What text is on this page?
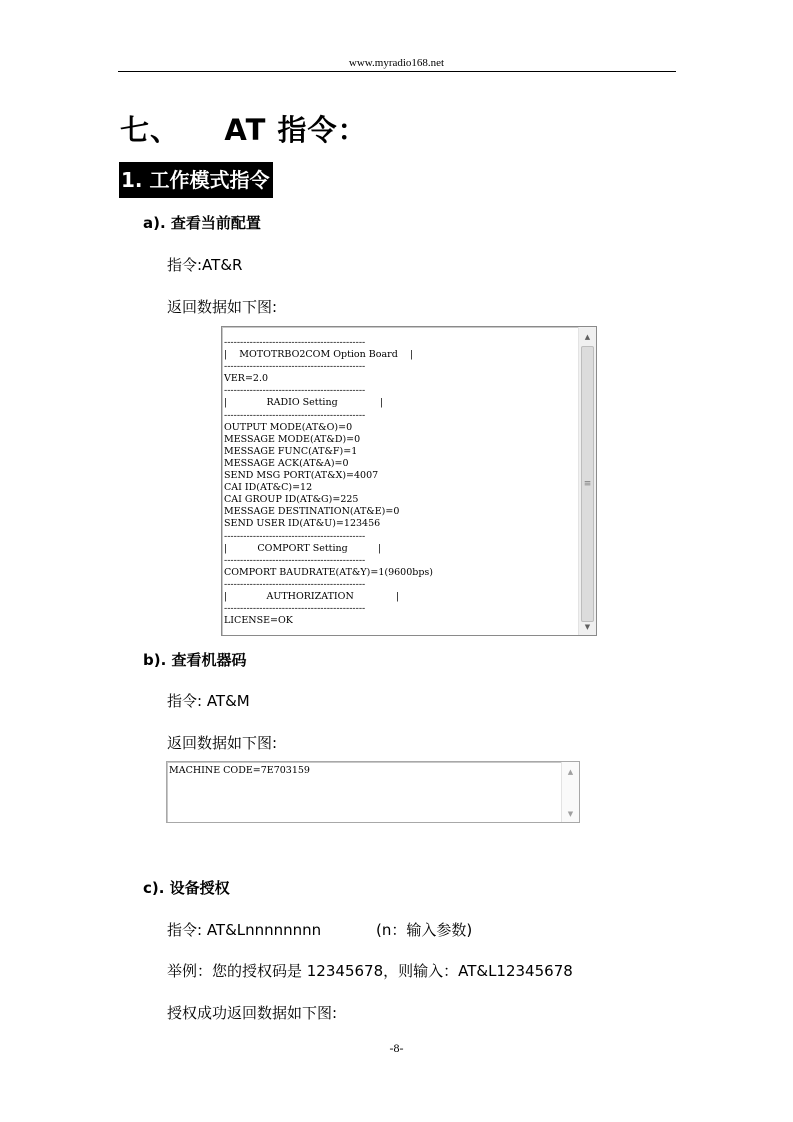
www.myradio168.net
七、    AT 指令：
1. 工作模式指令
a). 查看当前配置
指令:AT&R
返回数据如下图:
--------------------------------------------
|    MOTOTRBO2COM Option Board    |
--------------------------------------------
VER=2.0
--------------------------------------------
|             RADIO Setting              |
--------------------------------------------
OUTPUT MODE(AT&O)=0
MESSAGE MODE(AT&D)=0
MESSAGE FUNC(AT&F)=1
MESSAGE ACK(AT&A)=0
SEND MSG PORT(AT&X)=4007
CAI ID(AT&C)=12
CAI GROUP ID(AT&G)=225
MESSAGE DESTINATION(AT&E)=0
SEND USER ID(AT&U)=123456
--------------------------------------------
|          COMPORT Setting          |
--------------------------------------------
COMPORT BAUDRATE(AT&Y)=1(9600bps)
--------------------------------------------
|             AUTHORIZATION              |
--------------------------------------------
LICENSE=OK
▲
≡
▼
b). 查看机器码
指令: AT&M
返回数据如下图:
MACHINE CODE=7E703159	▲
▼
c). 设备授权
指令: AT&Lnnnnnnnn	(n：输入参数)
举例：您的授权码是 12345678，则输入：AT&L12345678
授权成功返回数据如下图:
-8-
